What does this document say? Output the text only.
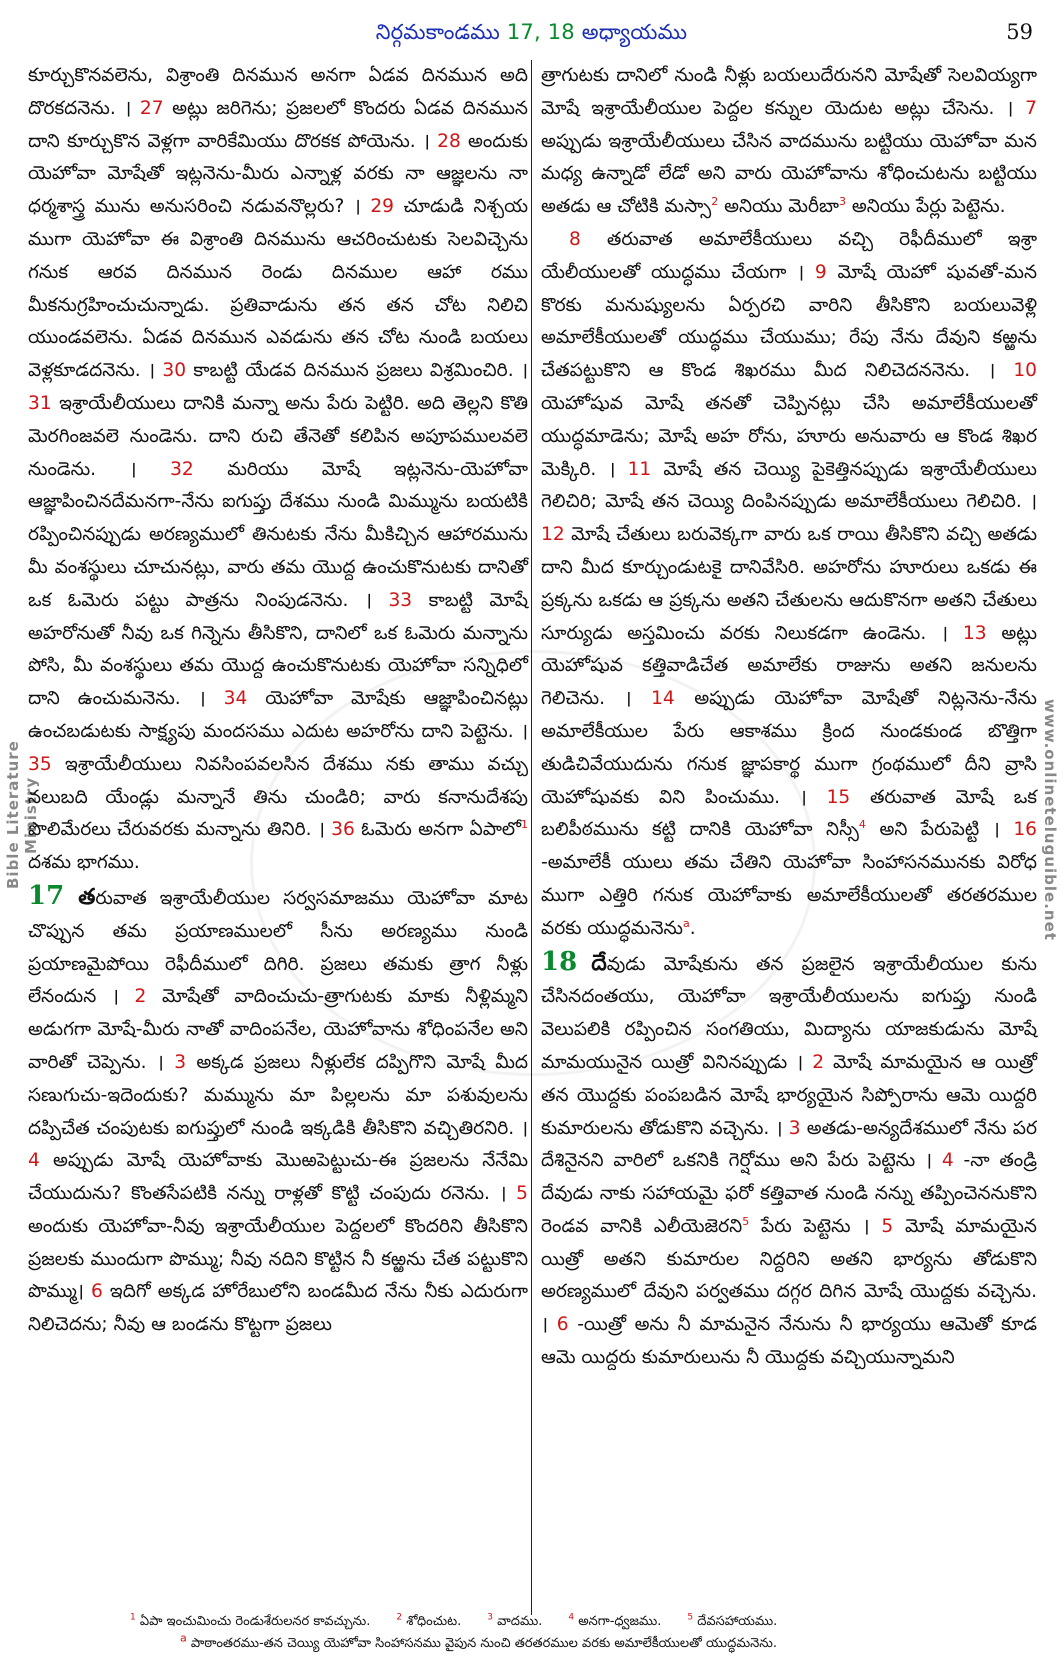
నిర్గమకాండము 17, 18 అధ్యాయము	59
Bible Literature Ministry	www.onlineteluguible.net

కూర్చుకొనవలెను, విశ్రాంతి దినమున అనగా ఏడవ దినమున అది దొరకదనెను. । 27 అట్లు జరిగెను; ప్రజలలో కొందరు ఏడవ దినమున దాని కూర్చుకొన వెళ్లగా వారికేమియు దొరకక పోయెను. । 28 అందుకు యెహోవా మోషేతో ఇట్లనెను-మీరు ఎన్నాళ్ల వరకు నా ఆజ్ఞలను నా ధర్మశాస్త్ర మును అనుసరించి నడువనొల్లరు? । 29 చూడుడి నిశ్చయ ముగా యెహోవా ఈ విశ్రాంతి దినమును ఆచరించుటకు సెలవిచ్చెను గనుక ఆరవ దినమున రెండు దినముల ఆహా రము మీకనుగ్రహించుచున్నాడు. ప్రతివాడును తన తన చోట నిలిచి యుండవలెను. ఏడవ దినమున ఎవడును తన చోట నుండి బయలు వెళ్లకూడదనెను. । 30 కాబట్టి యేడవ దినమున ప్రజలు విశ్రమించిరి. । 31 ఇశ్రాయేలీయులు దానికి మన్నా అను పేరు పెట్టిరి. అది తెల్లని కొతి మెరగింజవలె నుండెను. దాని రుచి తేనెతో కలిపిన అపూపములవలె నుండెను. । 32 మరియు మోషే ఇట్లనెను-యెహోవా ఆజ్ఞాపించినదేమనగా-నేను ఐగుప్తు దేశము నుండి మిమ్మును బయటికి రప్పించినప్పుడు అరణ్యములో తినుటకు నేను మీకిచ్చిన ఆహారమును మీ వంశస్థులు చూచునట్లు, వారు తమ యొద్ద ఉంచుకొనుటకు దానితో ఒక ఓమెరు పట్టు పాత్రను నింపుడనెను. । 33 కాబట్టి మోషే అహరోనుతో నీవు ఒక గిన్నెను తీసికొని, దానిలో ఒక ఓమెరు మన్నాను పోసి, మీ వంశస్థులు తమ యొద్ద ఉంచుకొనుటకు యెహోవా సన్నిధిలో దాని ఉంచుమనెను. । 34 యెహోవా మోషేకు ఆజ్ఞాపించినట్లు ఉంచబడుటకు సాక్ష్యపు మందసము ఎదుట అహరోను దాని పెట్టెను. । 35 ఇశ్రాయేలీయులు నివసింపవలసిన దేశము నకు తాము వచ్చు నలుబది యేండ్లు మన్నానే తిను చుండిరి; వారు కనానుదేశపు పొలిమేరలు చేరువరకు మన్నాను తినిరి. । 36 ఓమెరు అనగా ఏపాలో$^1$ దశమ భాగము.

17 తరువాత ఇశ్రాయేలీయుల సర్వసమాజము యెహోవా మాట చొప్పున తమ ప్రయాణములలో సీను అరణ్యము నుండి ప్రయాణమైపోయి రెఫీదీములో దిగిరి. ప్రజలు తమకు త్రాగ నీళ్లు లేనందున । 2 మోషేతో వాదించుచు-త్రాగుటకు మాకు నీళ్లిమ్మని అడుగగా మోషే-మీరు నాతో వాదింపనేల, యెహోవాను శోధింపనేల అని వారితో చెప్పెను. । 3 అక్కడ ప్రజలు నీళ్లులేక దప్పిగొని మోషే మీద సణుగుచు-ఇదెందుకు? మమ్మును మా పిల్లలను మా పశువులను దప్పిచేత చంపుటకు ఐగుప్తులో నుండి ఇక్కడికి తీసికొని వచ్చితిరనిరి. । 4 అప్పుడు మోషే యెహోవాకు మొఱపెట్టుచు-ఈ ప్రజలను నేనేమి చేయుదును? కొంతసేపటికి నన్ను రాళ్లతో కొట్టి చంపుదు రనెను. । 5 అందుకు యెహోవా-నీవు ఇశ్రాయేలీయుల పెద్దలలో కొందరిని తీసికొని ప్రజలకు ముందుగా పొమ్ము; నీవు నదిని కొట్టిన నీ కఱ్ఱను చేత పట్టుకొని పొమ్ము। 6 ఇదిగో అక్కడ హోరేబులోని బండమీద నేను నీకు ఎదురుగా నిలిచెదను; నీవు ఆ బండను కొట్టగా ప్రజలు

త్రాగుటకు దానిలో నుండి నీళ్లు బయలుదేరునని మోషేతో సెలవియ్యగా మోషే ఇశ్రాయేలీయుల పెద్దల కన్నుల యెదుట అట్లు చేసెను. । 7 అప్పుడు ఇశ్రాయేలీయులు చేసిన వాదమును బట్టియు యెహోవా మన మధ్య ఉన్నాడో లేడో అని వారు యెహోవాను శోధించుటను బట్టియు అతడు ఆ చోటికి మస్సా$^2$ అనియు మెరీబా$^3$ అనియు పేర్లు పెట్టెను.

8 తరువాత అమాలేకీయులు వచ్చి రెఫీదీములో ఇశ్రా యేలీయులతో యుద్ధము చేయగా । 9 మోషే యెహో షువతో-మన కొరకు మనుష్యులను ఏర్పరచి వారిని తీసికొని బయలువెళ్లి అమాలేకీయులతో యుద్ధము చేయుము; రేపు నేను దేవుని కఱ్ఱను చేతపట్టుకొని ఆ కొండ శిఖరము మీద నిలిచెదననెను. । 10 యెహోషువ మోషే తనతో చెప్పినట్లు చేసి అమాలేకీయులతో యుద్ధమాడెను; మోషే అహ రోను, హూరు అనువారు ఆ కొండ శిఖర మెక్కిరి. । 11 మోషే తన చెయ్యి పైకెత్తినప్పుడు ఇశ్రాయేలీయులు గెలిచిరి; మోషే తన చెయ్యి దింపినప్పుడు అమాలేకీయులు గెలిచిరి. । 12 మోషే చేతులు బరువెక్కగా వారు ఒక రాయి తీసికొని వచ్చి అతడు దాని మీద కూర్చుండుటకై దానివేసిరి. అహరోను హూరులు ఒకడు ఈ ప్రక్కను ఒకడు ఆ ప్రక్కను అతని చేతులను ఆదుకొనగా అతని చేతులు సూర్యుడు అస్తమించు వరకు నిలుకడగా ఉండెను. । 13 అట్లు యెహోషువ కత్తివాడిచేత అమాలేకు రాజును అతని జనులను గెలిచెను. । 14 అప్పుడు యెహోవా మోషేతో నిట్లనెను-నేను అమాలేకీయుల పేరు ఆకాశము క్రింద నుండకుండ బొత్తిగా తుడిచివేయుదును గనుక జ్ఞాపకార్థ ముగా గ్రంథములో దీని వ్రాసి యెహోషువకు విని పించుము. । 15 తరువాత మోషే ఒక బలిపీఠమును కట్టి దానికి యెహోవా నిస్సీ$^4$ అని పేరుపెట్టి । 16 -అమాలేకీ యులు తమ చేతిని యెహోవా సింహాసనమునకు విరోధ ముగా ఎత్తిరి గనుక యెహోవాకు అమాలేకీయులతో తరతరముల వరకు యుద్ధమనెను$^a$.

18 దేవుడు మోషేకును తన ప్రజలైన ఇశ్రాయేలీయుల కును చేసినదంతయు, యెహోవా ఇశ్రాయేలీయులను ఐగుప్తు నుండి వెలుపలికి రప్పించిన సంగతియు, మిద్యాను యాజకుడును మోషే మామయునైన యిత్రో వినినప్పుడు । 2 మోషే మామయైన ఆ యిత్రో తన యొద్దకు పంపబడిన మోషే భార్యయైన సిప్పోరాను ఆమె యిద్దరి కుమారులను తోడుకొని వచ్చెను. । 3 అతడు-అన్యదేశములో నేను పర దేశినైనని వారిలో ఒకనికి గెర్షోము అని పేరు పెట్టెను । 4 -నా తండ్రి దేవుడు నాకు సహాయమై ఫరో కత్తివాత నుండి నన్ను తప్పించెననుకొని రెండవ వానికి ఎలీయెజెరని$^5$ పేరు పెట్టెను । 5 మోషే మామయైన యిత్రో అతని కుమారుల నిద్దరిని అతని భార్యను తోడుకొని అరణ్యములో దేవుని పర్వతము దగ్గర దిగిన మోషే యొద్దకు వచ్చెను. । 6 -యిత్రో అను నీ మామనైన నేనును నీ భార్యయు ఆమెతో కూడ ఆమె యిద్దరు కుమారులును నీ యొద్దకు వచ్చియున్నామని

$^1$ ఏపా ఇంచుమించు రెండుశేరులనర కావచ్చును.	$^2$ శోధించుట.	$^3$ వాదము.	$^4$ అనగా-ధ్వజము.	$^5$ దేవసహాయము.
$^a$ పాఠాంతరము-తన చెయ్యి యెహోవా సింహాసనము వైపున నుంచి తరతరముల వరకు అమాలేకీయులతో యుద్ధమనెను.
